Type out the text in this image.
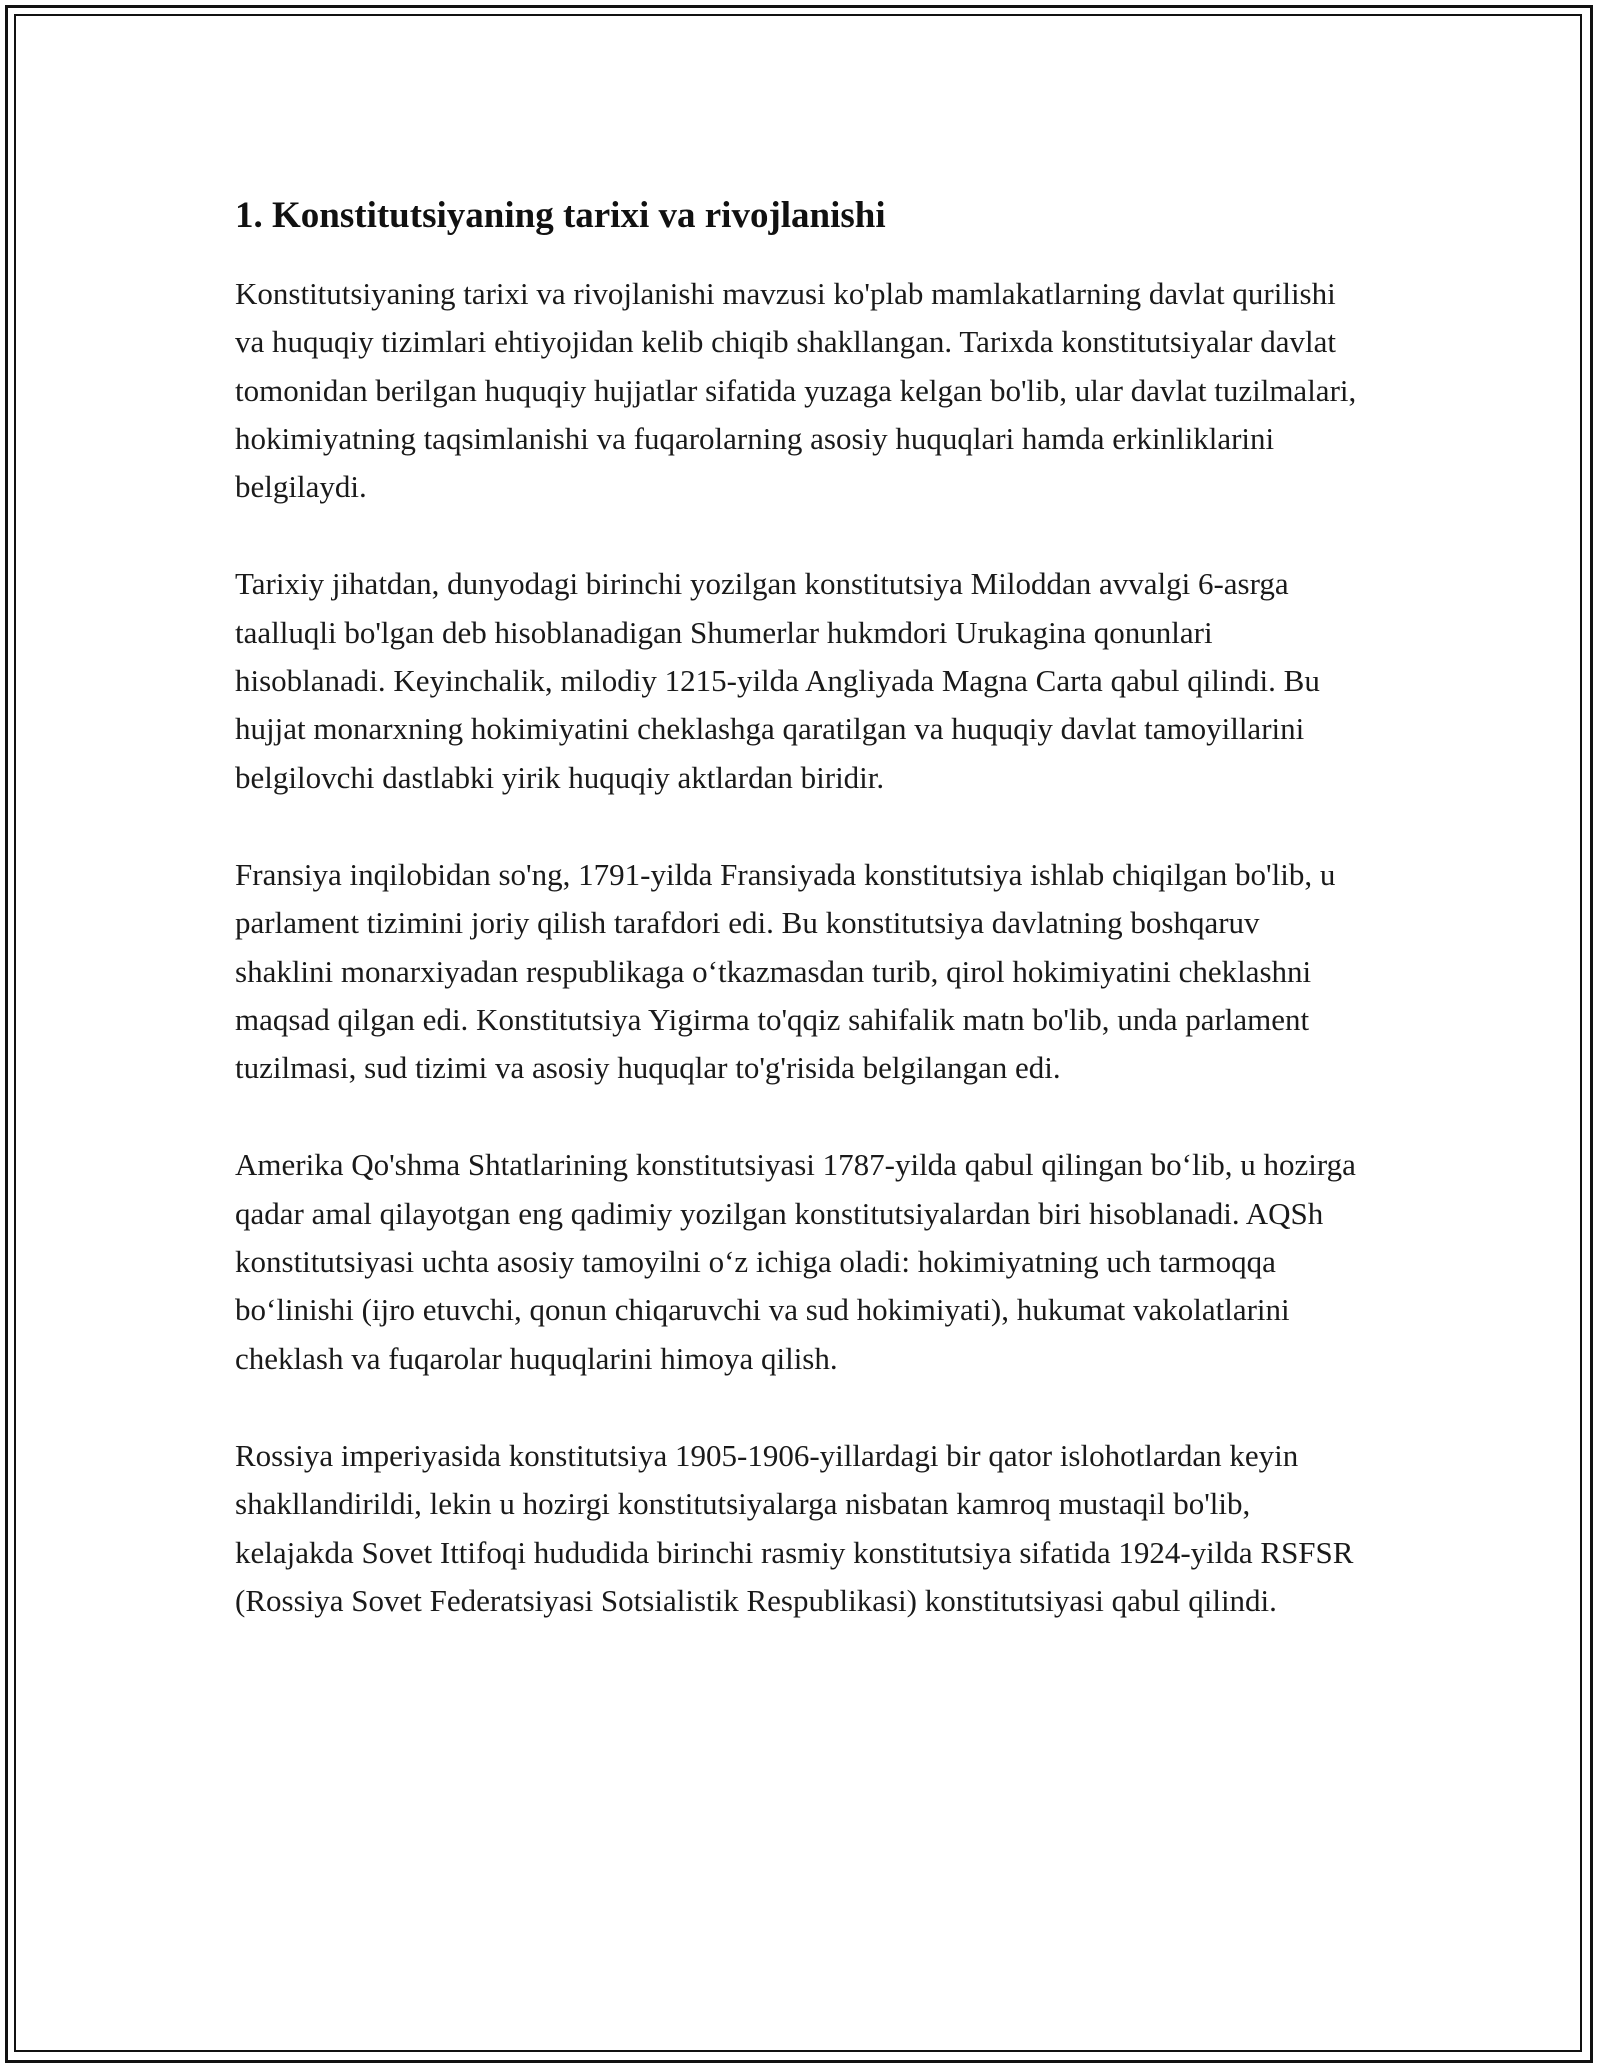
1. Konstitutsiyaning tarixi va rivojlanishi

Konstitutsiyaning tarixi va rivojlanishi mavzusi ko'plab mamlakatlarning davlat qurilishi va huquqiy tizimlari ehtiyojidan kelib chiqib shakllangan. Tarixda konstitutsiyalar davlat tomonidan berilgan huquqiy hujjatlar sifatida yuzaga kelgan bo'lib, ular davlat tuzilmalari, hokimiyatning taqsimlanishi va fuqarolarning asosiy huquqlari hamda erkinliklarini belgilaydi.

Tarixiy jihatdan, dunyodagi birinchi yozilgan konstitutsiya Miloddan avvalgi 6-asrga taalluqli bo'lgan deb hisoblanadigan Shumerlar hukmdori Urukagina qonunlari hisoblanadi. Keyinchalik, milodiy 1215-yilda Angliyada Magna Carta qabul qilindi. Bu hujjat monarxning hokimiyatini cheklashga qaratilgan va huquqiy davlat tamoyillarini belgilovchi dastlabki yirik huquqiy aktlardan biridir.

Fransiya inqilobidan so'ng, 1791-yilda Fransiyada konstitutsiya ishlab chiqilgan bo'lib, u parlament tizimini joriy qilish tarafdori edi. Bu konstitutsiya davlatning boshqaruv shaklini monarxiyadan respublikaga oʻtkazmasdan turib, qirol hokimiyatini cheklashni maqsad qilgan edi. Konstitutsiya Yigirma to'qqiz sahifalik matn bo'lib, unda parlament tuzilmasi, sud tizimi va asosiy huquqlar to'g'risida belgilangan edi.

Amerika Qo'shma Shtatlarining konstitutsiyasi 1787-yilda qabul qilingan boʻlib, u hozirga qadar amal qilayotgan eng qadimiy yozilgan konstitutsiyalardan biri hisoblanadi. AQSh konstitutsiyasi uchta asosiy tamoyilni oʻz ichiga oladi: hokimiyatning uch tarmoqqa boʻlinishi (ijro etuvchi, qonun chiqaruvchi va sud hokimiyati), hukumat vakolatlarini cheklash va fuqarolar huquqlarini himoya qilish.

Rossiya imperiyasida konstitutsiya 1905-1906-yillardagi bir qator islohotlardan keyin shakllandirildi, lekin u hozirgi konstitutsiyalarga nisbatan kamroq mustaqil bo'lib, kelajakda Sovet Ittifoqi hududida birinchi rasmiy konstitutsiya sifatida 1924-yilda RSFSR (Rossiya Sovet Federatsiyasi Sotsialistik Respublikasi) konstitutsiyasi qabul qilindi.
